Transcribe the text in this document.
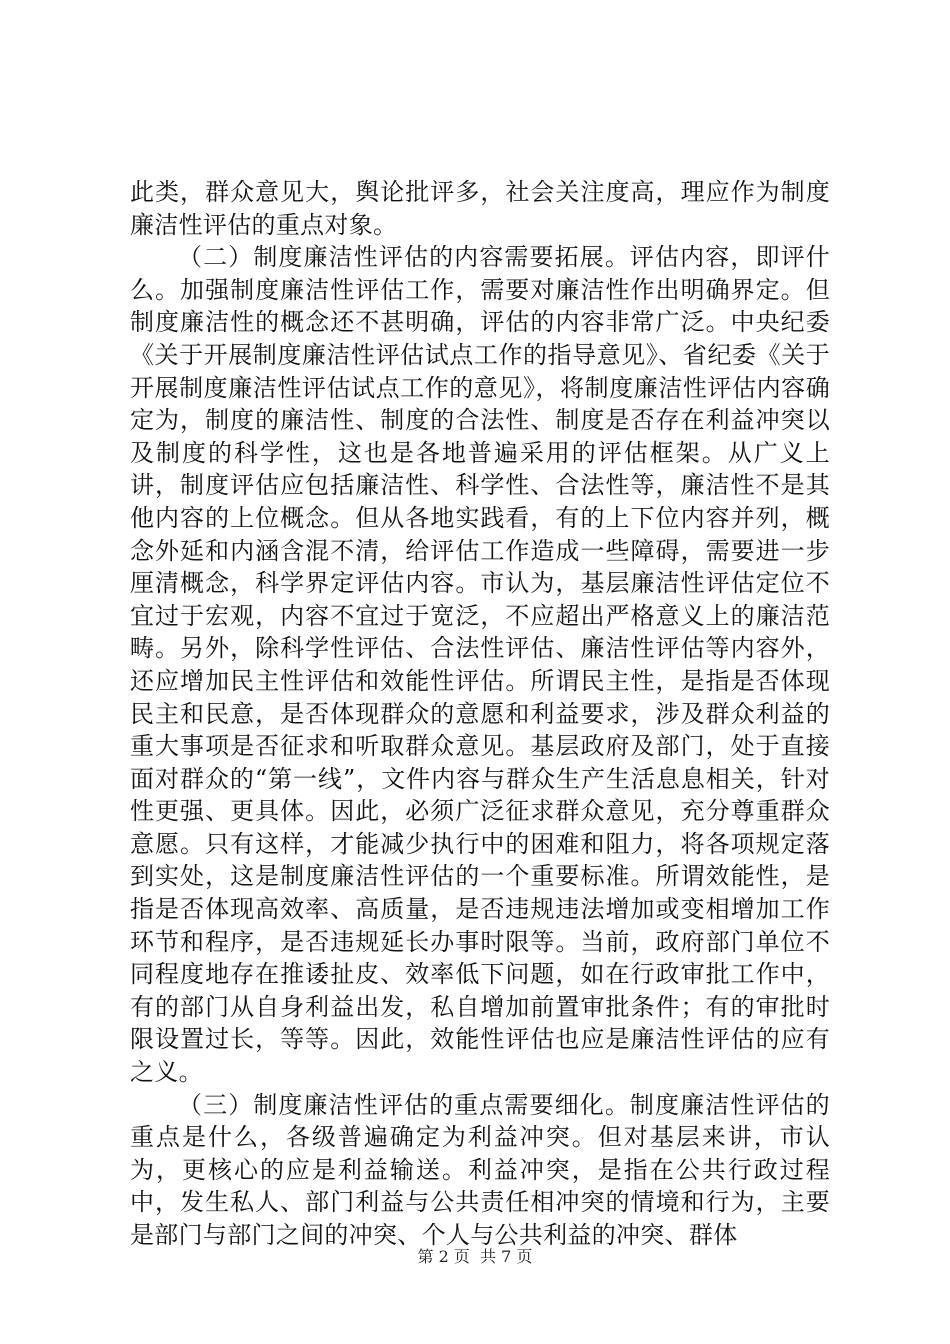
此类，群众意见大，舆论批评多，社会关注度高，理应作为制度廉洁性评估的重点对象。

（二）制度廉洁性评估的内容需要拓展。评估内容，即评什么。加强制度廉洁性评估工作，需要对廉洁性作出明确界定。但制度廉洁性的概念还不甚明确，评估的内容非常广泛。中央纪委《关于开展制度廉洁性评估试点工作的指导意见》、省纪委《关于开展制度廉洁性评估试点工作的意见》，将制度廉洁性评估内容确定为，制度的廉洁性、制度的合法性、制度是否存在利益冲突以及制度的科学性，这也是各地普遍采用的评估框架。从广义上讲，制度评估应包括廉洁性、科学性、合法性等，廉洁性不是其他内容的上位概念。但从各地实践看，有的上下位内容并列，概念外延和内涵含混不清，给评估工作造成一些障碍，需要进一步厘清概念，科学界定评估内容。市认为，基层廉洁性评估定位不宜过于宏观，内容不宜过于宽泛，不应超出严格意义上的廉洁范畴。另外，除科学性评估、合法性评估、廉洁性评估等内容外，还应增加民主性评估和效能性评估。所谓民主性，是指是否体现民主和民意，是否体现群众的意愿和利益要求，涉及群众利益的重大事项是否征求和听取群众意见。基层政府及部门，处于直接面对群众的“第一线”，文件内容与群众生产生活息息相关，针对性更强、更具体。因此，必须广泛征求群众意见，充分尊重群众意愿。只有这样，才能减少执行中的困难和阻力，将各项规定落到实处，这是制度廉洁性评估的一个重要标准。所谓效能性，是指是否体现高效率、高质量，是否违规违法增加或变相增加工作环节和程序，是否违规延长办事时限等。当前，政府部门单位不同程度地存在推诿扯皮、效率低下问题，如在行政审批工作中，有的部门从自身利益出发，私自增加前置审批条件；有的审批时限设置过长，等等。因此，效能性评估也应是廉洁性评估的应有之义。

（三）制度廉洁性评估的重点需要细化。制度廉洁性评估的重点是什么，各级普遍确定为利益冲突。但对基层来讲，市认为，更核心的应是利益输送。利益冲突，是指在公共行政过程中，发生私人、部门利益与公共责任相冲突的情境和行为，主要是部门与部门之间的冲突、个人与公共利益的冲突、群体

第 2 页  共 7 页
